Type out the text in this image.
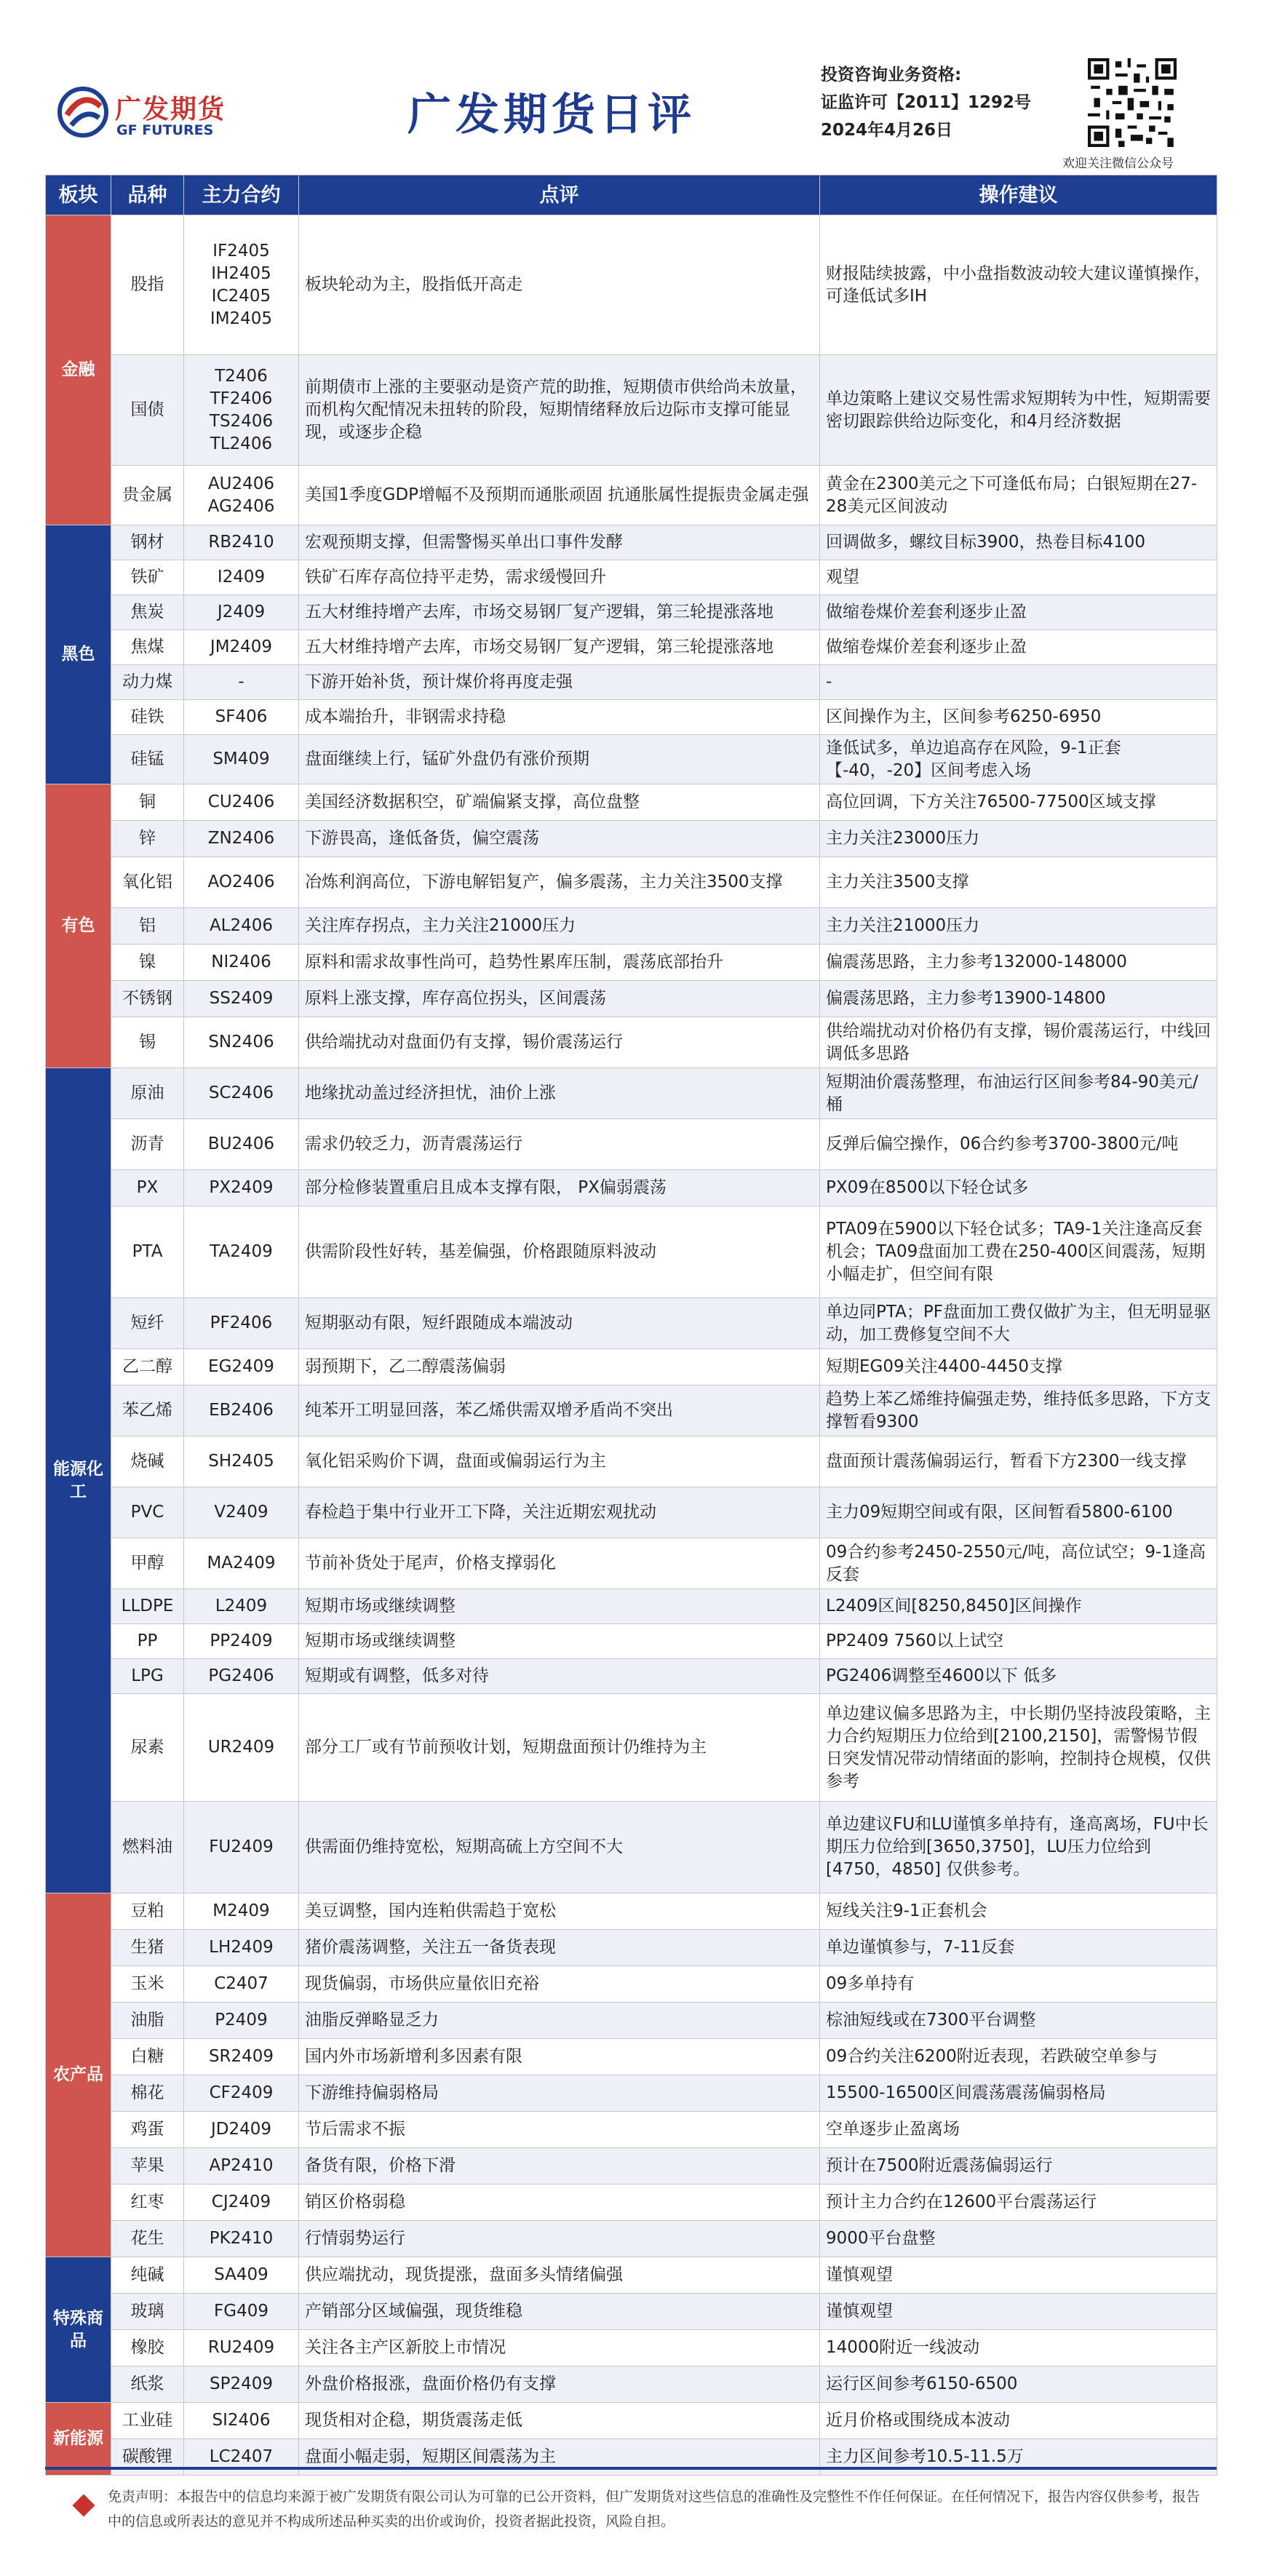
广发期货
GF FUTURES	广发期货日评
投资咨询业务资格:
证监许可【2011】1292号
2024年4月26日
欢迎关注微信公众号
板块	品种	主力合约	点评	操作建议
金融	股指	IF2405
IH2405
IC2405
IM2405	板块轮动为主，股指低开高走	财报陆续披露，中小盘指数波动较大建议谨慎操作，可逢低试多IH
	国债	T2406
TF2406
TS2406
TL2406	前期债市上涨的主要驱动是资产荒的助推，短期债市供给尚未放量，而机构欠配情况未扭转的阶段，短期情绪释放后边际市支撑可能显现，或逐步企稳	单边策略上建议交易性需求短期转为中性，短期需要密切跟踪供给边际变化，和4月经济数据
	贵金属	AU2406
AG2406	美国1季度GDP增幅不及预期而通胀顽固 抗通胀属性提振贵金属走强	黄金在2300美元之下可逢低布局；白银短期在27-28美元区间波动
黑色	钢材	RB2410	宏观预期支撑，但需警惕买单出口事件发酵	回调做多，螺纹目标3900，热卷目标4100
	铁矿	I2409	铁矿石库存高位持平走势，需求缓慢回升	观望
	焦炭	J2409	五大材维持增产去库，市场交易钢厂复产逻辑，第三轮提涨落地	做缩卷煤价差套利逐步止盈
	焦煤	JM2409	五大材维持增产去库，市场交易钢厂复产逻辑，第三轮提涨落地	做缩卷煤价差套利逐步止盈
	动力煤	-	下游开始补货，预计煤价将再度走强	-
	硅铁	SF406	成本端抬升，非钢需求持稳	区间操作为主，区间参考6250-6950
	硅锰	SM409	盘面继续上行，锰矿外盘仍有涨价预期	逢低试多，单边追高存在风险，9-1正套【-40，-20】区间考虑入场
有色	铜	CU2406	美国经济数据积空，矿端偏紧支撑，高位盘整	高位回调，下方关注76500-77500区域支撑
	锌	ZN2406	下游畏高，逢低备货，偏空震荡	主力关注23000压力
	氧化铝	AO2406	冶炼利润高位，下游电解铝复产，偏多震荡，主力关注3500支撑	主力关注3500支撑
	铝	AL2406	关注库存拐点，主力关注21000压力	主力关注21000压力
	镍	NI2406	原料和需求故事性尚可，趋势性累库压制，震荡底部抬升	偏震荡思路，主力参考132000-148000
	不锈钢	SS2409	原料上涨支撑，库存高位拐头，区间震荡	偏震荡思路，主力参考13900-14800
	锡	SN2406	供给端扰动对盘面仍有支撑，锡价震荡运行	供给端扰动对价格仍有支撑，锡价震荡运行，中线回调低多思路
能源化工	原油	SC2406	地缘扰动盖过经济担忧，油价上涨	短期油价震荡整理，布油运行区间参考84-90美元/桶
	沥青	BU2406	需求仍较乏力，沥青震荡运行	反弹后偏空操作，06合约参考3700-3800元/吨
	PX	PX2409	部分检修装置重启且成本支撑有限， PX偏弱震荡	PX09在8500以下轻仓试多
	PTA	TA2409	供需阶段性好转，基差偏强，价格跟随原料波动	PTA09在5900以下轻仓试多；TA9-1关注逢高反套机会；TA09盘面加工费在250-400区间震荡，短期小幅走扩，但空间有限
	短纤	PF2406	短期驱动有限，短纤跟随成本端波动	单边同PTA；PF盘面加工费仅做扩为主，但无明显驱动，加工费修复空间不大
	乙二醇	EG2409	弱预期下，乙二醇震荡偏弱	短期EG09关注4400-4450支撑
	苯乙烯	EB2406	纯苯开工明显回落，苯乙烯供需双增矛盾尚不突出	趋势上苯乙烯维持偏强走势，维持低多思路，下方支撑暂看9300
	烧碱	SH2405	氧化铝采购价下调，盘面或偏弱运行为主	盘面预计震荡偏弱运行，暂看下方2300一线支撑
	PVC	V2409	春检趋于集中行业开工下降，关注近期宏观扰动	主力09短期空间或有限，区间暂看5800-6100
	甲醇	MA2409	节前补货处于尾声，价格支撑弱化	09合约参考2450-2550元/吨，高位试空；9-1逢高反套
	LLDPE	L2409	短期市场或继续调整	L2409区间[8250,8450]区间操作
	PP	PP2409	短期市场或继续调整	PP2409 7560以上试空
	LPG	PG2406	短期或有调整，低多对待	PG2406调整至4600以下 低多
	尿素	UR2409	部分工厂或有节前预收计划，短期盘面预计仍维持为主	单边建议偏多思路为主，中长期仍坚持波段策略，主力合约短期压力位给到[2100,2150]，需警惕节假日突发情况带动情绪面的影响，控制持仓规模，仅供参考
	燃料油	FU2409	供需面仍维持宽松，短期高硫上方空间不大	单边建议FU和LU谨慎多单持有，逢高离场，FU中长期压力位给到[3650,3750]，LU压力位给到[4750，4850] 仅供参考。
农产品	豆粕	M2409	美豆调整，国内连粕供需趋于宽松	短线关注9-1正套机会
	生猪	LH2409	猪价震荡调整，关注五一备货表现	单边谨慎参与，7-11反套
	玉米	C2407	现货偏弱，市场供应量依旧充裕	09多单持有
	油脂	P2409	油脂反弹略显乏力	棕油短线或在7300平台调整
	白糖	SR2409	国内外市场新增利多因素有限	09合约关注6200附近表现，若跌破空单参与
	棉花	CF2409	下游维持偏弱格局	15500-16500区间震荡震荡偏弱格局
	鸡蛋	JD2409	节后需求不振	空单逐步止盈离场
	苹果	AP2410	备货有限，价格下滑	预计在7500附近震荡偏弱运行
	红枣	CJ2409	销区价格弱稳	预计主力合约在12600平台震荡运行
	花生	PK2410	行情弱势运行	9000平台盘整
特殊商品	纯碱	SA409	供应端扰动，现货提涨，盘面多头情绪偏强	谨慎观望
	玻璃	FG409	产销部分区域偏强，现货维稳	谨慎观望
	橡胶	RU2409	关注各主产区新胶上市情况	14000附近一线波动
	纸浆	SP2409	外盘价格报涨，盘面价格仍有支撑	运行区间参考6150-6500
新能源	工业硅	SI2406	现货相对企稳，期货震荡走低	近月价格或围绕成本波动
	碳酸锂	LC2407	盘面小幅走弱，短期区间震荡为主	主力区间参考10.5-11.5万
免责声明：本报告中的信息均来源于被广发期货有限公司认为可靠的已公开资料，但广发期货对这些信息的准确性及完整性不作任何保证。在任何情况下，报告内容仅供参考，报告中的信息或所表达的意见并不构成所述品种买卖的出价或询价，投资者据此投资，风险自担。
